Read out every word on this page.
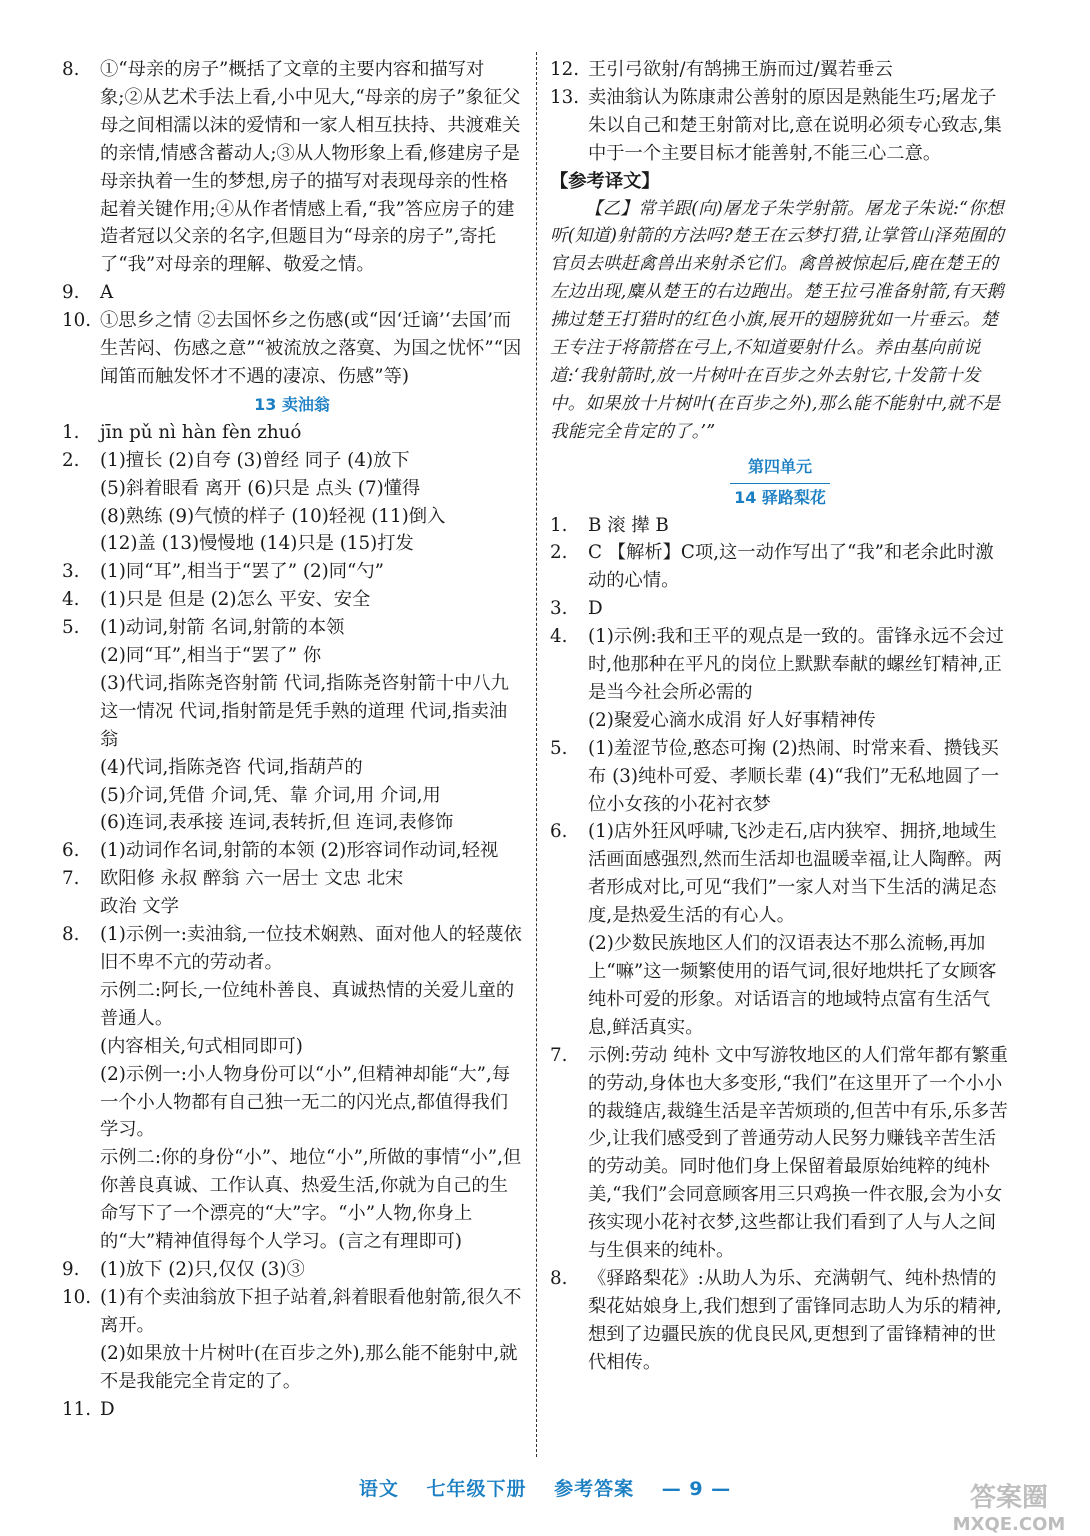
8.	①“母亲的房子”概括了文章的主要内容和描写对象;②从艺术手法上看,小中见大,“母亲的房子”象征父母之间相濡以沫的爱情和一家人相互扶持、共渡难关的亲情,情感含蓄动人;③从人物形象上看,修建房子是母亲执着一生的梦想,房子的描写对表现母亲的性格起着关键作用;④从作者情感上看,“我”答应房子的建造者冠以父亲的名字,但题目为“母亲的房子”,寄托了“我”对母亲的理解、敬爱之情。
9.	A
10. ①思乡之情 ②去国怀乡之伤感(或“因‘迁谪’‘去国’而生苦闷、伤感之意”“被流放之落寞、为国之忧怀”“因闻笛而触发怀才不遇的凄凉、伤感”等)
13 卖油翁
1.	jīn pǔ nì hàn fèn zhuó
2.	(1)擅长 (2)自夸 (3)曾经 同子 (4)放下
(5)斜着眼看 离开 (6)只是 点头 (7)懂得
(8)熟练 (9)气愤的样子 (10)轻视 (11)倒入
(12)盖 (13)慢慢地 (14)只是 (15)打发
3.	(1)同“耳”,相当于“罢了” (2)同“勺”
4.	(1)只是 但是 (2)怎么 平安、安全
5.	(1)动词,射箭 名词,射箭的本领
(2)同“耳”,相当于“罢了” 你
(3)代词,指陈尧咨射箭 代词,指陈尧咨射箭十中八九这一情况 代词,指射箭是凭手熟的道理 代词,指卖油翁
(4)代词,指陈尧咨 代词,指葫芦的
(5)介词,凭借 介词,凭、靠 介词,用 介词,用
(6)连词,表承接 连词,表转折,但 连词,表修饰
6.	(1)动词作名词,射箭的本领 (2)形容词作动词,轻视
7.	欧阳修 永叔 醉翁 六一居士 文忠 北宋
政治 文学
8.	(1)示例一:卖油翁,一位技术娴熟、面对他人的轻蔑依旧不卑不亢的劳动者。
示例二:阿长,一位纯朴善良、真诚热情的关爱儿童的普通人。
(内容相关,句式相同即可)
(2)示例一:小人物身份可以“小”,但精神却能“大”,每一个小人物都有自己独一无二的闪光点,都值得我们学习。
示例二:你的身份“小”、地位“小”,所做的事情“小”,但你善良真诚、工作认真、热爱生活,你就为自己的生命写下了一个漂亮的“大”字。“小”人物,你身上的“大”精神值得每个人学习。(言之有理即可)
9.	(1)放下 (2)只,仅仅 (3)③
10. (1)有个卖油翁放下担子站着,斜着眼看他射箭,很久不离开。
(2)如果放十片树叶(在百步之外),那么能不能射中,就不是我能完全肯定的了。
11. D
12. 王引弓欲射/有鹄拂王旃而过/翼若垂云
13. 卖油翁认为陈康肃公善射的原因是熟能生巧;屠龙子朱以自己和楚王射箭对比,意在说明必须专心致志,集中于一个主要目标才能善射,不能三心二意。
【参考译文】

【乙】常羊跟(向)屠龙子朱学射箭。屠龙子朱说:“你想听(知道)射箭的方法吗?楚王在云梦打猎,让掌管山泽苑囿的官员去哄赶禽兽出来射杀它们。禽兽被惊起后,鹿在楚王的左边出现,麋从楚王的右边跑出。楚王拉弓准备射箭,有天鹅拂过楚王打猎时的红色小旗,展开的翅膀犹如一片垂云。楚王专注于将箭搭在弓上,不知道要射什么。养由基向前说道:‘我射箭时,放一片树叶在百步之外去射它,十发箭十发中。如果放十片树叶(在百步之外),那么能不能射中,就不是我能完全肯定的了。’”

第四单元
14 驿路梨花
1.	B 滚 撵 B
2.	C 【解析】C项,这一动作写出了“我”和老余此时激动的心情。
3.	D
4.	(1)示例:我和王平的观点是一致的。雷锋永远不会过时,他那种在平凡的岗位上默默奉献的螺丝钉精神,正是当今社会所必需的
(2)聚爱心滴水成涓 好人好事精神传
5.	(1)羞涩节俭,憨态可掬 (2)热闹、时常来看、攒钱买布 (3)纯朴可爱、孝顺长辈 (4)“我们”无私地圆了一位小女孩的小花衬衣梦
6.	(1)店外狂风呼啸,飞沙走石,店内狭窄、拥挤,地域生活画面感强烈,然而生活却也温暖幸福,让人陶醉。两者形成对比,可见“我们”一家人对当下生活的满足态度,是热爱生活的有心人。
(2)少数民族地区人们的汉语表达不那么流畅,再加上“嘛”这一频繁使用的语气词,很好地烘托了女顾客纯朴可爱的形象。对话语言的地域特点富有生活气息,鲜活真实。
7.	示例:劳动 纯朴 文中写游牧地区的人们常年都有繁重的劳动,身体也大多变形,“我们”在这里开了一个小小的裁缝店,裁缝生活是辛苦烦琐的,但苦中有乐,乐多苦少,让我们感受到了普通劳动人民努力赚钱辛苦生活的劳动美。同时他们身上保留着最原始纯粹的纯朴美,“我们”会同意顾客用三只鸡换一件衣服,会为小女孩实现小花衬衣梦,这些都让我们看到了人与人之间与生俱来的纯朴。
8.	《驿路梨花》:从助人为乐、充满朝气、纯朴热情的梨花姑娘身上,我们想到了雷锋同志助人为乐的精神,想到了边疆民族的优良民风,更想到了雷锋精神的世代相传。
语文 七年级下册 参考答案 — 9 —	答案圈
MXQE.COM
